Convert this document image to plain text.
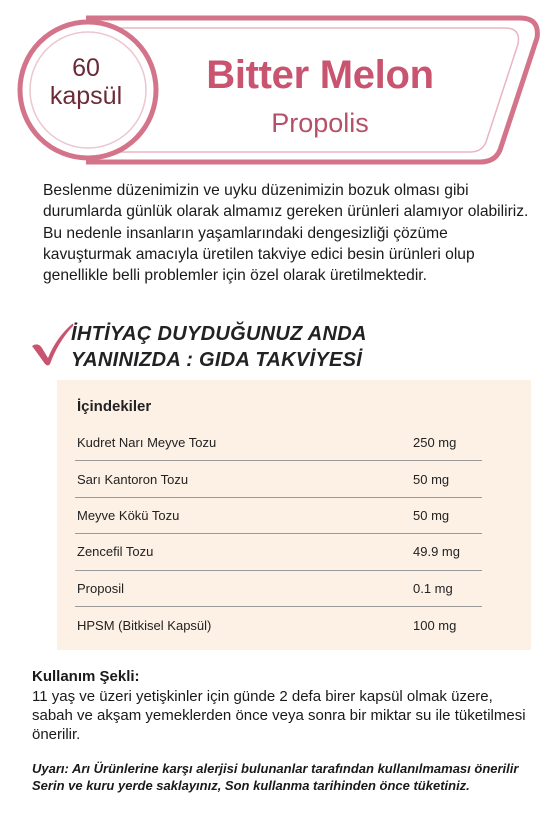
60
kapsül	Bitter Melon
Propolis

Beslenme düzenimizin ve uyku düzenimizin bozuk olması gibi durumlarda günlük olarak almamız gereken ürünleri alamıyor olabiliriz. Bu nedenle insanların yaşamlarındaki dengesizliği çözüme kavuşturmak amacıyla üretilen takviye edici besin ürünleri olup genellikle belli problemler için özel olarak üretilmektedir.

İHTİYAÇ DUYDUĞUNUZ ANDA
YANINIZDA : GIDA TAKVİYESİ
İçindekiler
Kudret Narı Meyve Tozu	250 mg
Sarı Kantoron Tozu	50 mg
Meyve Kökü Tozu	50 mg
Zencefil Tozu	49.9 mg
Proposil	0.1 mg
HPSM (Bitkisel Kapsül)	100 mg
Kullanım Şekli:

11 yaş ve üzeri yetişkinler için günde 2 defa birer kapsül olmak üzere, sabah ve akşam yemeklerden önce veya sonra bir miktar su ile tüketilmesi önerilir.

Uyarı: Arı Ürünlerine karşı alerjisi bulunanlar tarafından kullanılmaması önerilir Serin ve kuru yerde saklayınız, Son kullanma tarihinden önce tüketiniz.
